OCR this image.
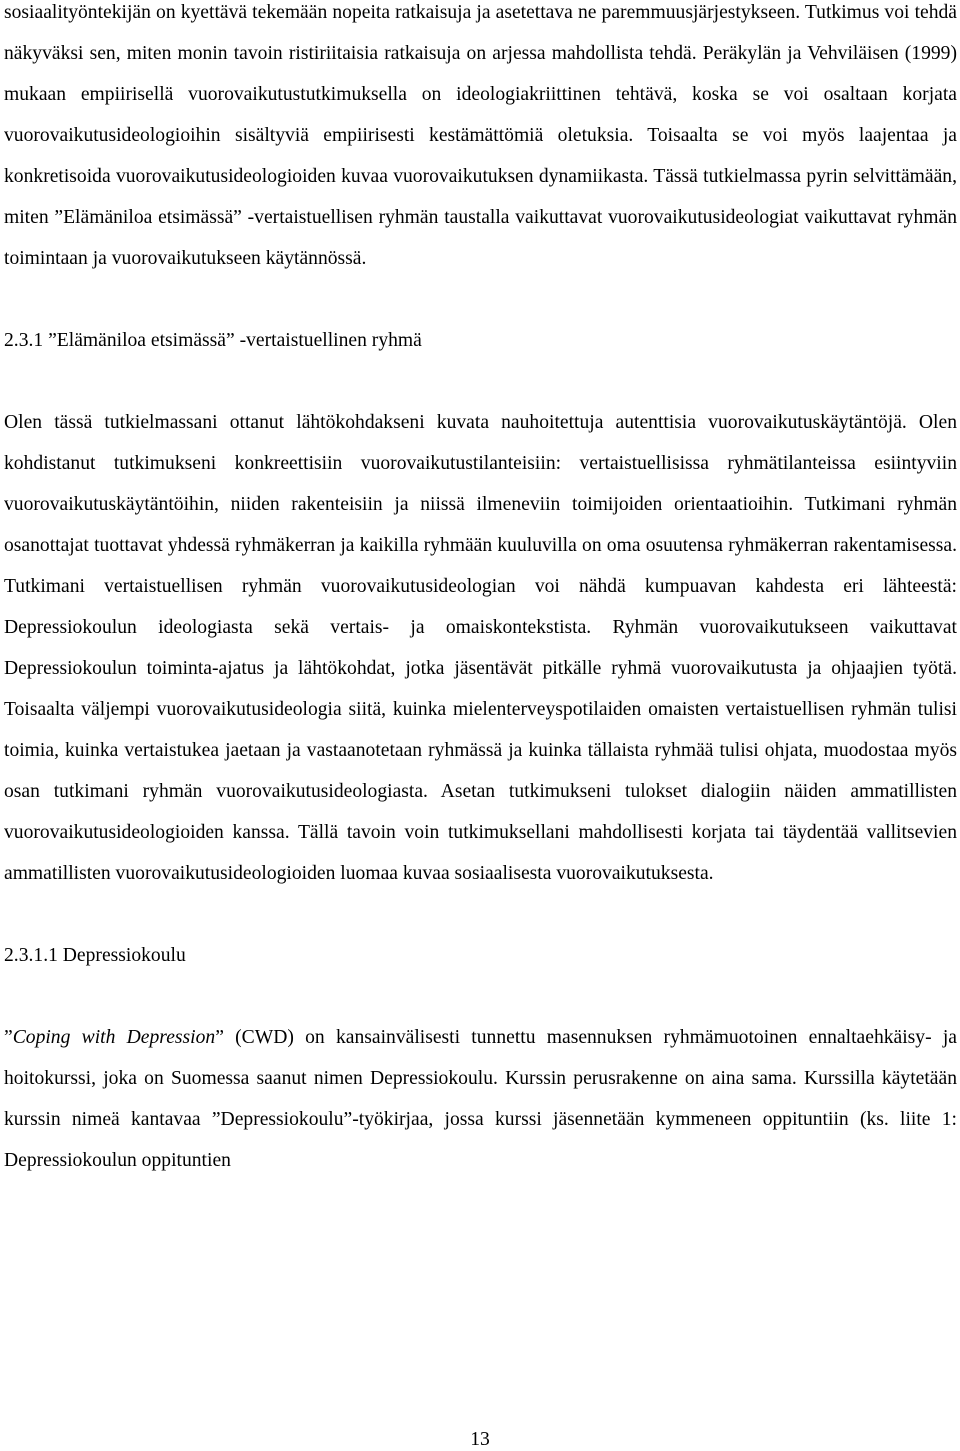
sosiaalityöntekijän on kyettävä tekemään nopeita ratkaisuja ja asetettava ne paremmuusjärjestykseen. Tutkimus voi tehdä näkyväksi sen, miten monin tavoin ristiriitaisia ratkaisuja on arjessa mahdollista tehdä. Peräkylän ja Vehviläisen (1999) mukaan empiirisellä vuorovaikutustutkimuksella on ideologiakriittinen tehtävä, koska se voi osaltaan korjata vuorovaikutusideologioihin sisältyviä empiirisesti kestämättömiä oletuksia. Toisaalta se voi myös laajentaa ja konkretisoida vuorovaikutusideologioiden kuvaa vuorovaikutuksen dynamiikasta. Tässä tutkielmassa pyrin selvittämään, miten ”Elämäniloa etsimässä” -vertaistuellisen ryhmän taustalla vaikuttavat vuorovaikutusideologiat vaikuttavat ryhmän toimintaan ja vuorovaikutukseen käytännössä.

2.3.1 ”Elämäniloa etsimässä” -vertaistuellinen ryhmä

Olen tässä tutkielmassani ottanut lähtökohdakseni kuvata nauhoitettuja autenttisia vuorovaikutuskäytäntöjä. Olen kohdistanut tutkimukseni konkreettisiin vuorovaikutustilanteisiin: vertaistuellisissa ryhmätilanteissa esiintyviin vuorovaikutuskäytäntöihin, niiden rakenteisiin ja niissä ilmeneviin toimijoiden orientaatioihin. Tutkimani ryhmän osanottajat tuottavat yhdessä ryhmäkerran ja kaikilla ryhmään kuuluvilla on oma osuutensa ryhmäkerran rakentamisessa. Tutkimani vertaistuellisen ryhmän vuorovaikutusideologian voi nähdä kumpuavan kahdesta eri lähteestä: Depressiokoulun ideologiasta sekä vertais- ja omaiskontekstista. Ryhmän vuorovaikutukseen vaikuttavat Depressiokoulun toiminta-ajatus ja lähtökohdat, jotka jäsentävät pitkälle ryhmä vuorovaikutusta ja ohjaajien työtä. Toisaalta väljempi vuorovaikutusideologia siitä, kuinka mielenterveyspotilaiden omaisten vertaistuellisen ryhmän tulisi toimia, kuinka vertaistukea jaetaan ja vastaanotetaan ryhmässä ja kuinka tällaista ryhmää tulisi ohjata, muodostaa myös osan tutkimani ryhmän vuorovaikutusideologiasta. Asetan tutkimukseni tulokset dialogiin näiden ammatillisten vuorovaikutusideologioiden kanssa. Tällä tavoin voin tutkimuksellani mahdollisesti korjata tai täydentää vallitsevien ammatillisten vuorovaikutusideologioiden luomaa kuvaa sosiaalisesta vuorovaikutuksesta.

2.3.1.1 Depressiokoulu

”Coping with Depression” (CWD) on kansainvälisesti tunnettu masennuksen ryhmämuotoinen ennaltaehkäisy- ja hoitokurssi, joka on Suomessa saanut nimen Depressiokoulu. Kurssin perusrakenne on aina sama. Kurssilla käytetään kurssin nimeä kantavaa ”Depressiokoulu”-työkirjaa, jossa kurssi jäsennetään kymmeneen oppituntiin (ks. liite 1: Depressiokoulun oppituntien

13
